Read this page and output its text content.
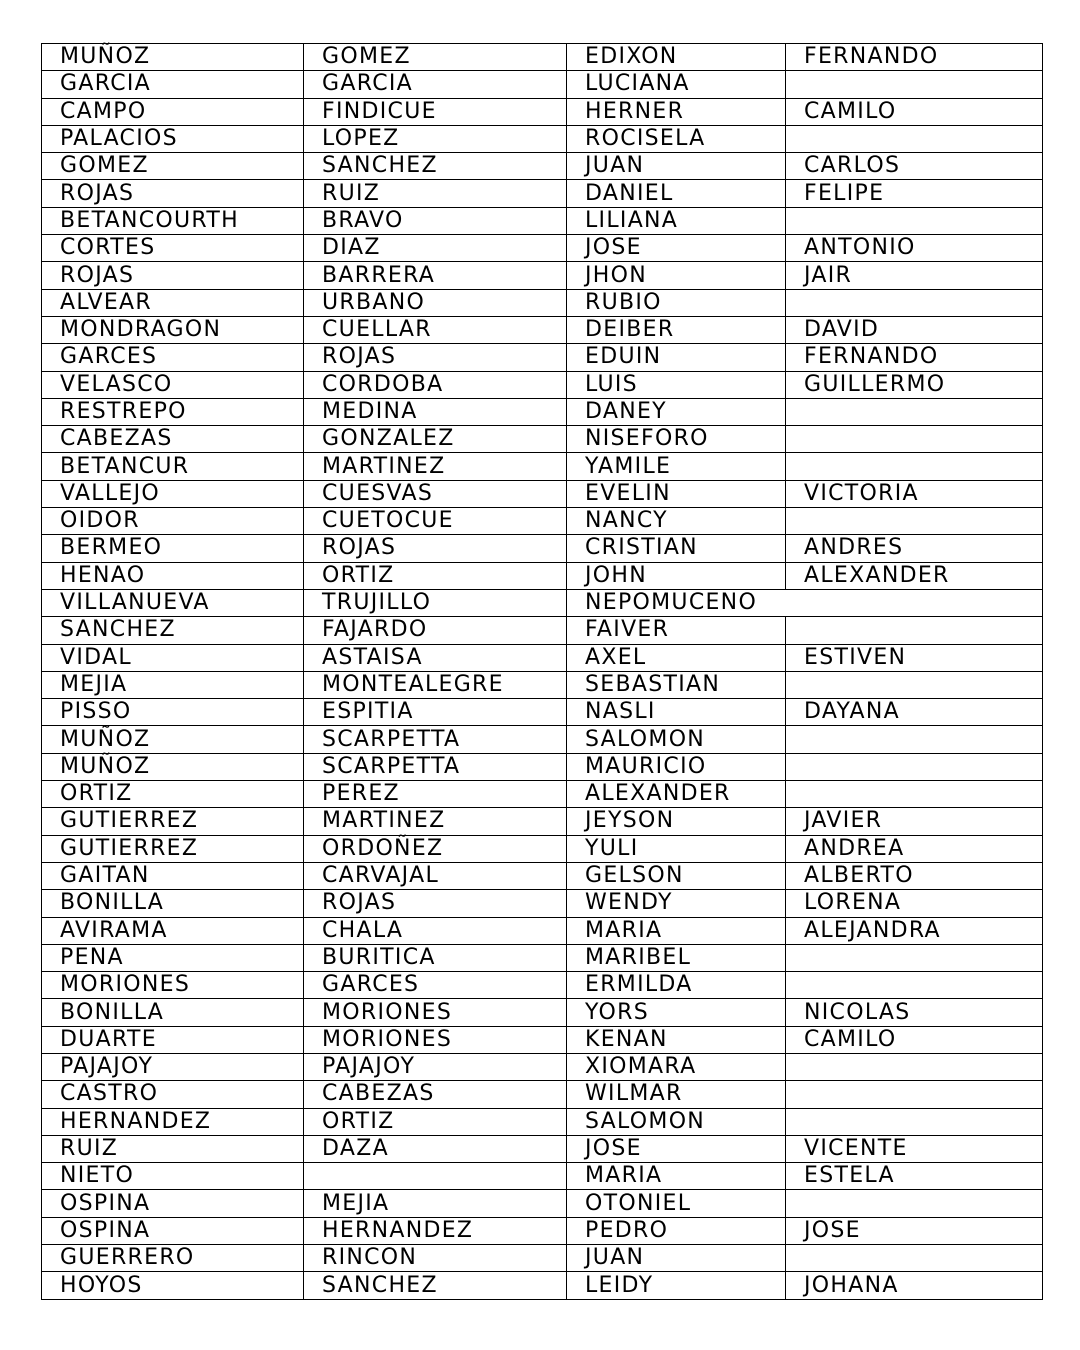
MUÑOZ	GOMEZ	EDIXON	FERNANDO
GARCIA	GARCIA	LUCIANA	
CAMPO	FINDICUE	HERNER	CAMILO
PALACIOS	LOPEZ	ROCISELA	
GOMEZ	SANCHEZ	JUAN	CARLOS
ROJAS	RUIZ	DANIEL	FELIPE
BETANCOURTH	BRAVO	LILIANA	
CORTES	DIAZ	JOSE	ANTONIO
ROJAS	BARRERA	JHON	JAIR
ALVEAR	URBANO	RUBIO	
MONDRAGON	CUELLAR	DEIBER	DAVID
GARCES	ROJAS	EDUIN	FERNANDO
VELASCO	CORDOBA	LUIS	GUILLERMO
RESTREPO	MEDINA	DANEY	
CABEZAS	GONZALEZ	NISEFORO	
BETANCUR	MARTINEZ	YAMILE	
VALLEJO	CUESVAS	EVELIN	VICTORIA
OIDOR	CUETOCUE	NANCY	
BERMEO	ROJAS	CRISTIAN	ANDRES
HENAO	ORTIZ	JOHN	ALEXANDER
VILLANUEVA	TRUJILLO	NEPOMUCENO	
SANCHEZ	FAJARDO	FAIVER	
VIDAL	ASTAISA	AXEL	ESTIVEN
MEJIA	MONTEALEGRE	SEBASTIAN	
PISSO	ESPITIA	NASLI	DAYANA
MUÑOZ	SCARPETTA	SALOMON	
MUÑOZ	SCARPETTA	MAURICIO	
ORTIZ	PEREZ	ALEXANDER	
GUTIERREZ	MARTINEZ	JEYSON	JAVIER
GUTIERREZ	ORDOÑEZ	YULI	ANDREA
GAITAN	CARVAJAL	GELSON	ALBERTO
BONILLA	ROJAS	WENDY	LORENA
AVIRAMA	CHALA	MARIA	ALEJANDRA
PENA	BURITICA	MARIBEL	
MORIONES	GARCES	ERMILDA	
BONILLA	MORIONES	YORS	NICOLAS
DUARTE	MORIONES	KENAN	CAMILO
PAJAJOY	PAJAJOY	XIOMARA	
CASTRO	CABEZAS	WILMAR	
HERNANDEZ	ORTIZ	SALOMON	
RUIZ	DAZA	JOSE	VICENTE
NIETO		MARIA	ESTELA
OSPINA	MEJIA	OTONIEL	
OSPINA	HERNANDEZ	PEDRO	JOSE
GUERRERO	RINCON	JUAN	
HOYOS	SANCHEZ	LEIDY	JOHANA
